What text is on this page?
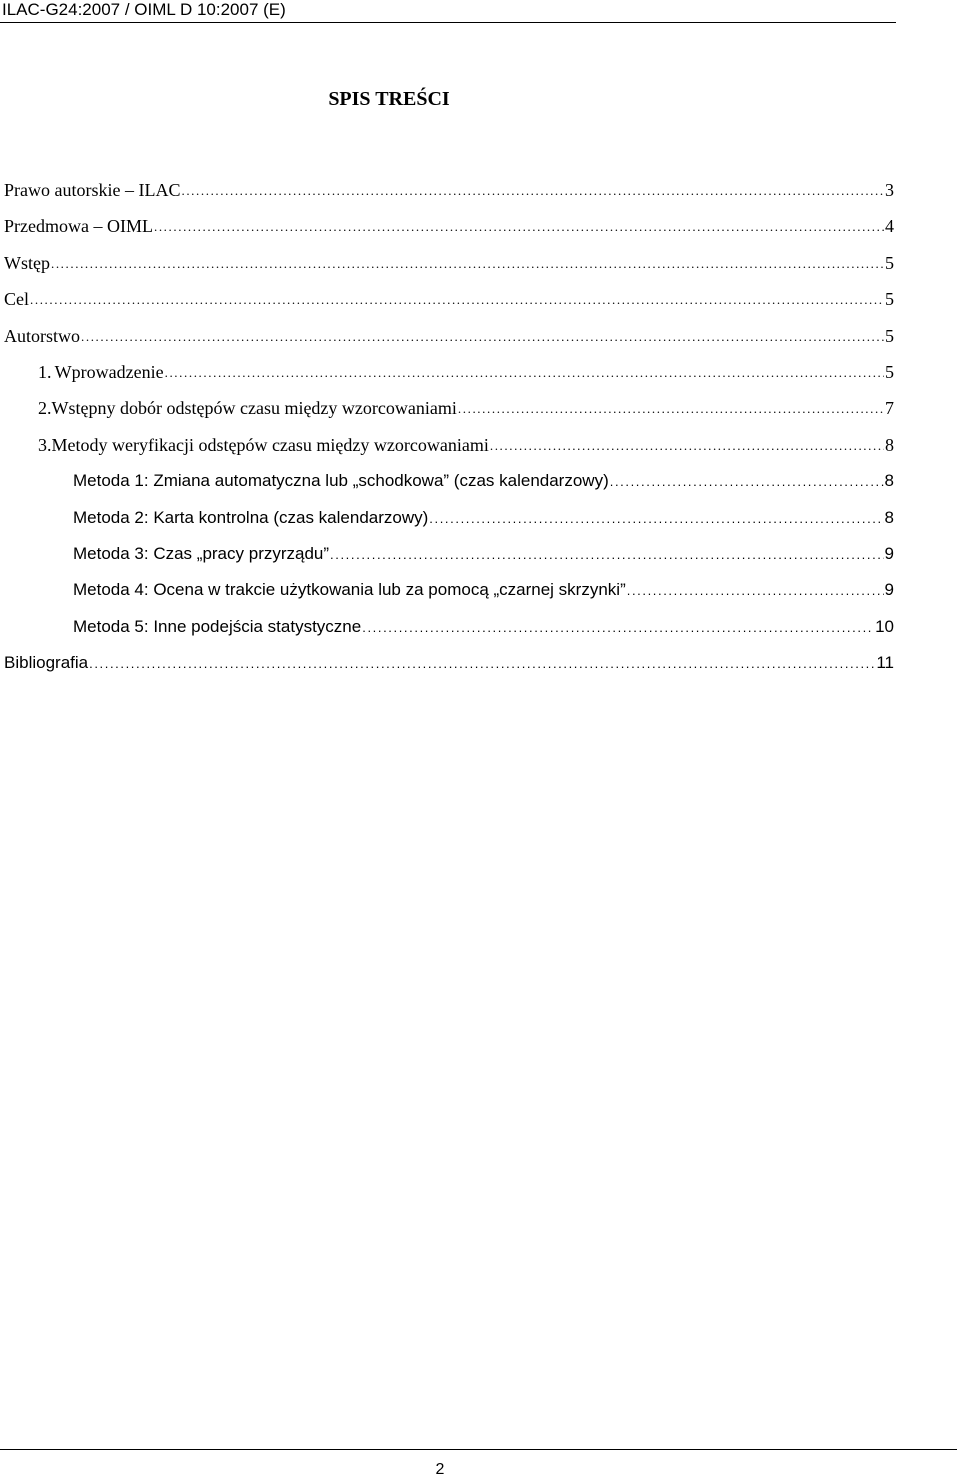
ILAC-G24:2007 / OIML D 10:2007 (E)
SPIS TREŚCI
Prawo autorskie – ILAC .....	3
Przedmowa – OIML .....	4
Wstęp .....	5
Cel .....	5
Autorstwo .....	5
1. Wprowadzenie .....	5
2. Wstępny dobór odstępów czasu między wzorcowaniami .....	7
3. Metody weryfikacji odstępów czasu między wzorcowaniami .....	8
Metoda 1: Zmiana automatyczna lub „schodkowa” (czas kalendarzowy) .....	8
Metoda 2: Karta kontrolna (czas kalendarzowy) .....	8
Metoda 3: Czas „pracy przyrządu” .....	9
Metoda 4: Ocena w trakcie użytkowania lub za pomocą „czarnej skrzynki” .....	9
Metoda 5: Inne podejścia statystyczne .....	10
Bibliografia .....	11
2
